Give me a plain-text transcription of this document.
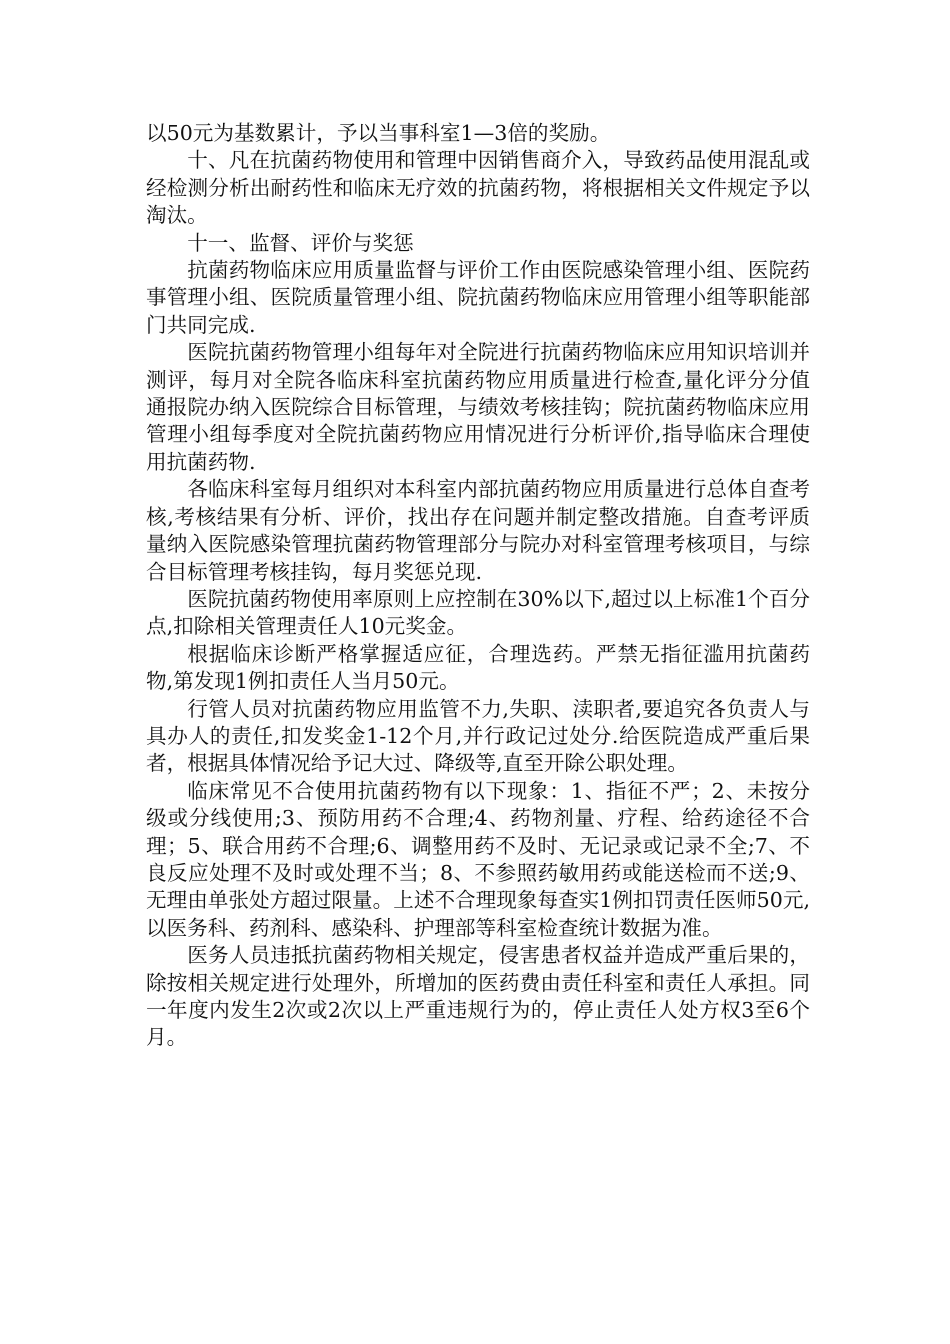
以50元为基数累计，予以当事科室1—3倍的奖励。

十、凡在抗菌药物使用和管理中因销售商介入，导致药品使用混乱或经检测分析出耐药性和临床无疗效的抗菌药物，将根据相关文件规定予以淘汰。

十一、监督、评价与奖惩

抗菌药物临床应用质量监督与评价工作由医院感染管理小组、医院药事管理小组、医院质量管理小组、院抗菌药物临床应用管理小组等职能部门共同完成.

医院抗菌药物管理小组每年对全院进行抗菌药物临床应用知识培训并测评，每月对全院各临床科室抗菌药物应用质量进行检查,量化评分分值通报院办纳入医院综合目标管理，与绩效考核挂钩；院抗菌药物临床应用管理小组每季度对全院抗菌药物应用情况进行分析评价,指导临床合理使用抗菌药物.

各临床科室每月组织对本科室内部抗菌药物应用质量进行总体自查考核,考核结果有分析、评价，找出存在问题并制定整改措施。自查考评质量纳入医院感染管理抗菌药物管理部分与院办对科室管理考核项目，与综合目标管理考核挂钩，每月奖惩兑现.

医院抗菌药物使用率原则上应控制在30%以下,超过以上标准1个百分点,扣除相关管理责任人10元奖金。

根据临床诊断严格掌握适应征，合理选药。严禁无指征滥用抗菌药物,第发现1例扣责任人当月50元。

行管人员对抗菌药物应用监管不力,失职、渎职者,要追究各负责人与具办人的责任,扣发奖金1-12个月,并行政记过处分.给医院造成严重后果者，根据具体情况给予记大过、降级等,直至开除公职处理。

临床常见不合使用抗菌药物有以下现象：1、指征不严；2、未按分级或分线使用;3、预防用药不合理;4、药物剂量、疗程、给药途径不合理；5、联合用药不合理;6、调整用药不及时、无记录或记录不全;7、不良反应处理不及时或处理不当；8、不参照药敏用药或能送检而不送;9、无理由单张处方超过限量。上述不合理现象每查实1例扣罚责任医师50元,以医务科、药剂科、感染科、护理部等科室检查统计数据为准。

医务人员违抵抗菌药物相关规定，侵害患者权益并造成严重后果的，除按相关规定进行处理外，所增加的医药费由责任科室和责任人承担。同一年度内发生2次或2次以上严重违规行为的，停止责任人处方权3至6个月。
